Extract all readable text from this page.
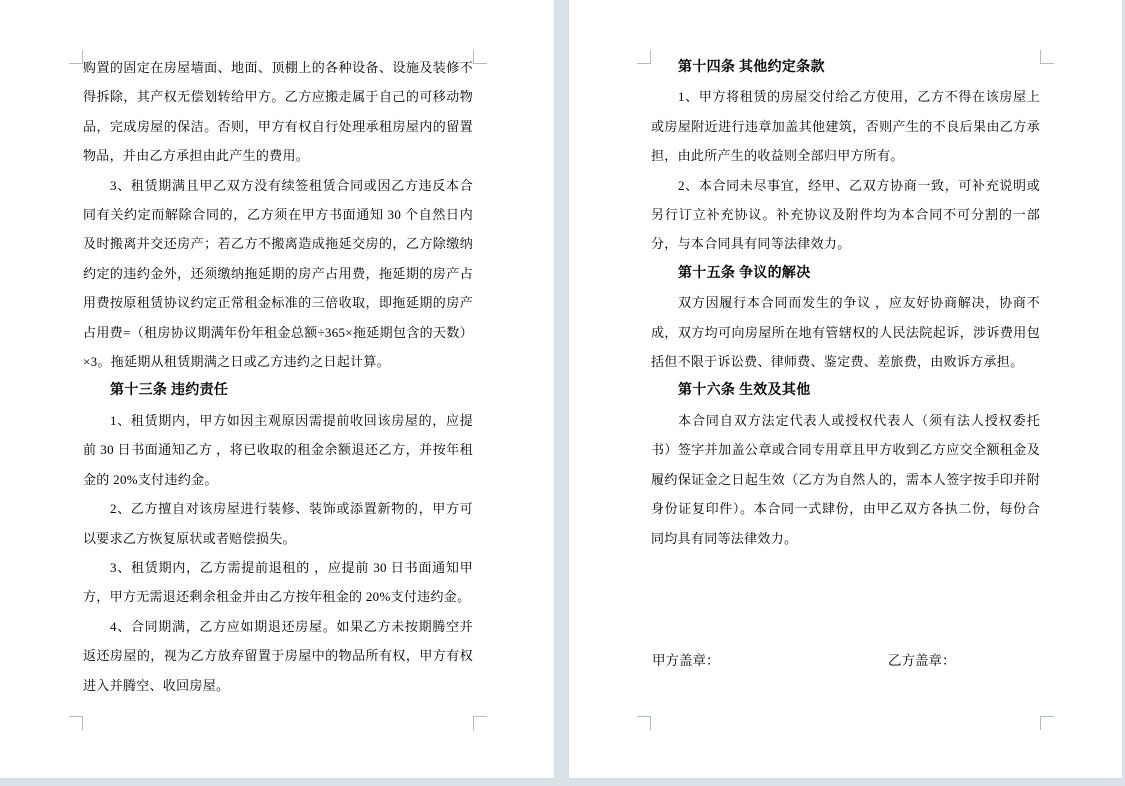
购置的固定在房屋墙面、地面、顶棚上的各种设备、设施及装修不得拆除，其产权无偿划转给甲方。乙方应搬走属于自己的可移动物品，完成房屋的保洁。否则，甲方有权自行处理承租房屋内的留置物品，并由乙方承担由此产生的费用。

3、租赁期满且甲乙双方没有续签租赁合同或因乙方违反本合同有关约定而解除合同的，乙方须在甲方书面通知 30 个自然日内及时搬离并交还房产；若乙方不搬离造成拖延交房的，乙方除缴纳约定的违约金外，还须缴纳拖延期的房产占用费，拖延期的房产占用费按原租赁协议约定正常租金标准的三倍收取，即拖延期的房产占用费=（租房协议期满年份年租金总额÷365×拖延期包含的天数）×3。拖延期从租赁期满之日或乙方违约之日起计算。

第十三条 违约责任

1、租赁期内，甲方如因主观原因需提前收回该房屋的，应提前 30 日书面通知乙方 ，将已收取的租金余额退还乙方，并按年租金的 20%支付违约金。

2、乙方擅自对该房屋进行装修、装饰或添置新物的，甲方可以要求乙方恢复原状或者赔偿损失。

3、租赁期内，乙方需提前退租的 ，应提前 30 日书面通知甲方，甲方无需退还剩余租金并由乙方按年租金的 20%支付违约金。

4、合同期满，乙方应如期退还房屋。如果乙方未按期腾空并返还房屋的，视为乙方放弃留置于房屋中的物品所有权，甲方有权进入并腾空、收回房屋。

第十四条 其他约定条款

1、甲方将租赁的房屋交付给乙方使用，乙方不得在该房屋上或房屋附近进行违章加盖其他建筑，否则产生的不良后果由乙方承担，由此所产生的收益则全部归甲方所有。

2、本合同未尽事宜，经甲、乙双方协商一致，可补充说明或另行订立补充协议。补充协议及附件均为本合同不可分割的一部分，与本合同具有同等法律效力。

第十五条 争议的解决

双方因履行本合同而发生的争议 ，应友好协商解决，协商不成，双方均可向房屋所在地有管辖权的人民法院起诉，涉诉费用包括但不限于诉讼费、律师费、鉴定费、差旅费，由败诉方承担。

第十六条 生效及其他

本合同自双方法定代表人或授权代表人（须有法人授权委托书）签字并加盖公章或合同专用章且甲方收到乙方应交全额租金及履约保证金之日起生效（乙方为自然人的，需本人签字按手印并附身份证复印件）。本合同一式肆份，由甲乙双方各执二份，每份合同均具有同等法律效力。

甲方盖章：	乙方盖章：
